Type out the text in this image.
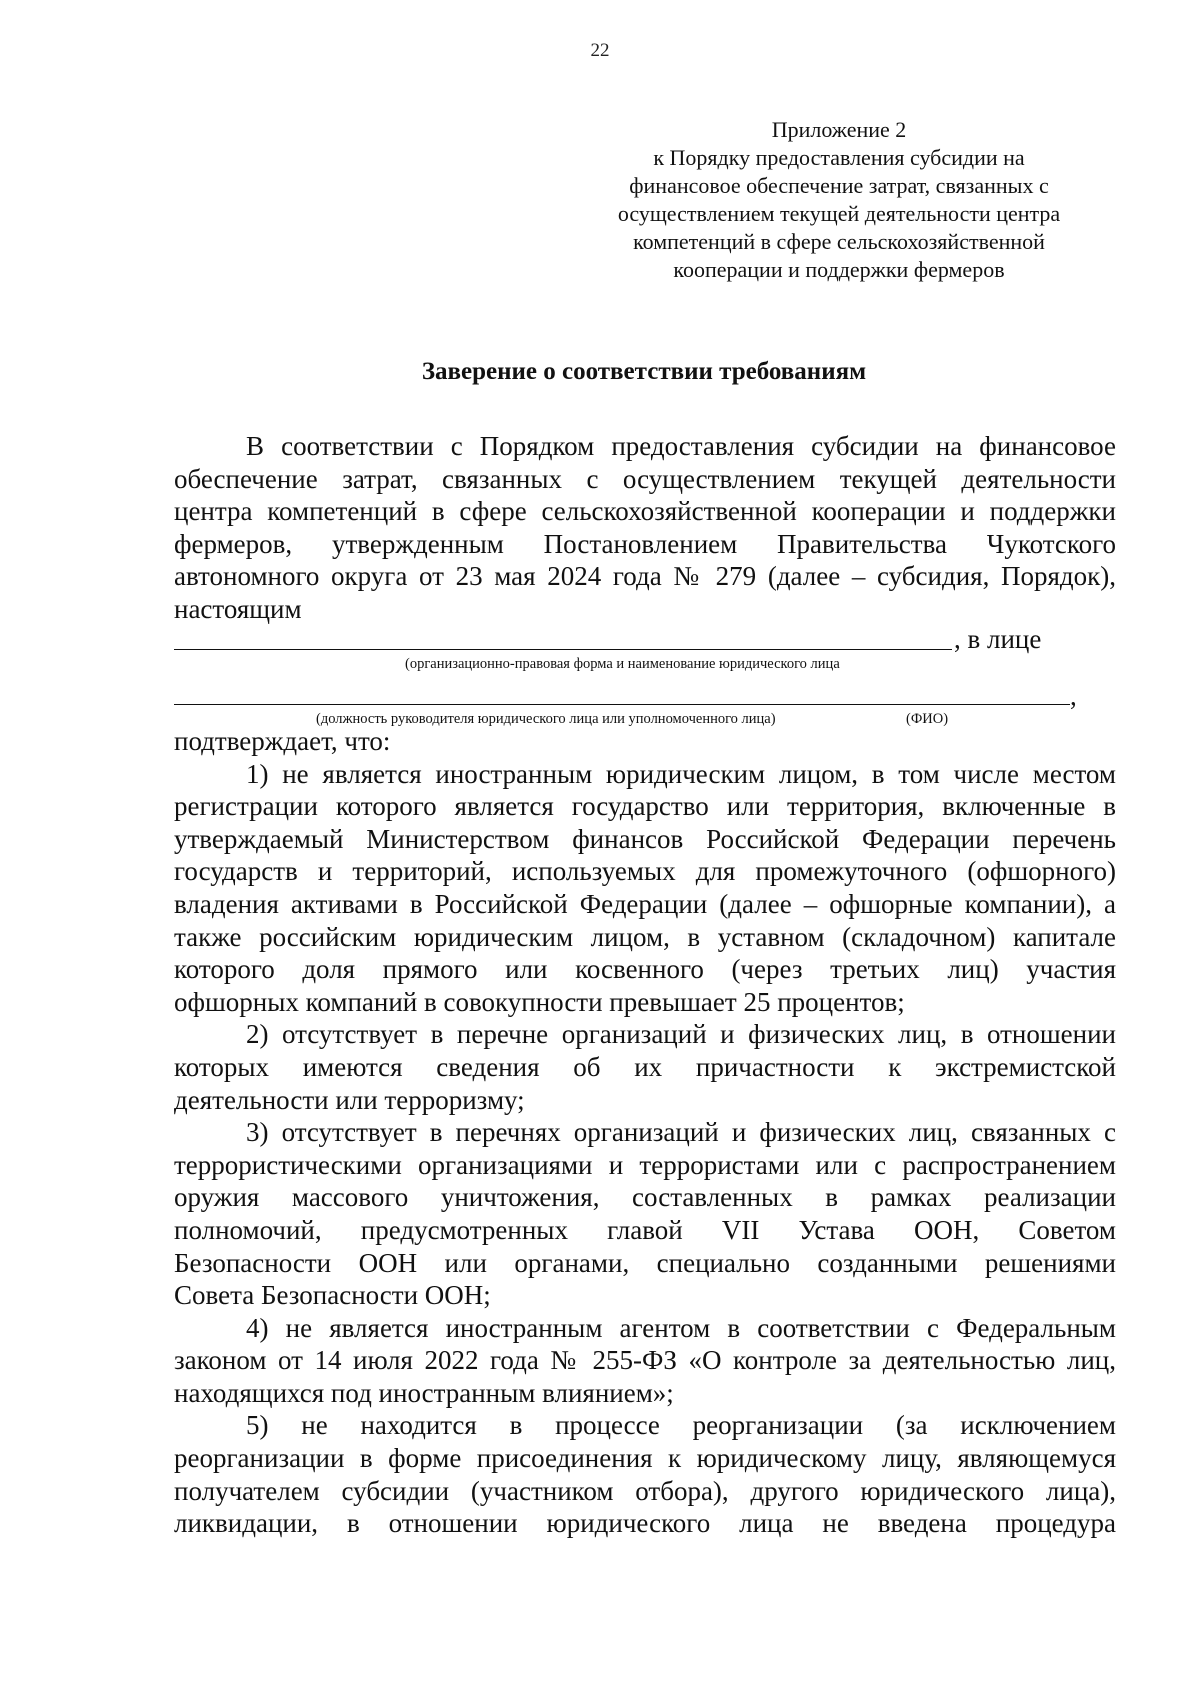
22
Приложение 2
к Порядку предоставления субсидии на
финансовое обеспечение затрат, связанных с
осуществлением текущей деятельности центра
компетенций в сфере сельскохозяйственной
кооперации и поддержки фермеров
Заверение о соответствии требованиям
В соответствии с Порядком предоставления субсидии на финансовое
обеспечение затрат, связанных с осуществлением текущей деятельности
центра компетенций в сфере сельскохозяйственной кооперации и поддержки
фермеров, утвержденным Постановлением Правительства Чукотского
автономного округа от 23 мая 2024 года № 279 (далее – субсидия, Порядок),
настоящим
, в лице
(организационно-правовая форма и наименование юридического лица
,
(должность руководителя юридического лица или уполномоченного лица)	(ФИО)
подтверждает, что:
1) не является иностранным юридическим лицом, в том числе местом
регистрации которого является государство или территория, включенные в
утверждаемый Министерством финансов Российской Федерации перечень
государств и территорий, используемых для промежуточного (офшорного)
владения активами в Российской Федерации (далее – офшорные компании), а
также российским юридическим лицом, в уставном (складочном) капитале
которого доля прямого или косвенного (через третьих лиц) участия
офшорных компаний в совокупности превышает 25 процентов;
2) отсутствует в перечне организаций и физических лиц, в отношении
которых имеются сведения об их причастности к экстремистской
деятельности или терроризму;
3) отсутствует в перечнях организаций и физических лиц, связанных с
террористическими организациями и террористами или с распространением
оружия массового уничтожения, составленных в рамках реализации
полномочий, предусмотренных главой VII Устава ООН, Советом
Безопасности ООН или органами, специально созданными решениями
Совета Безопасности ООН;
4) не является иностранным агентом в соответствии с Федеральным
законом от 14 июля 2022 года № 255-ФЗ «О контроле за деятельностью лиц,
находящихся под иностранным влиянием»;
5) не находится в процессе реорганизации (за исключением
реорганизации в форме присоединения к юридическому лицу, являющемуся
получателем субсидии (участником отбора), другого юридического лица),
ликвидации, в отношении юридического лица не введена процедура
